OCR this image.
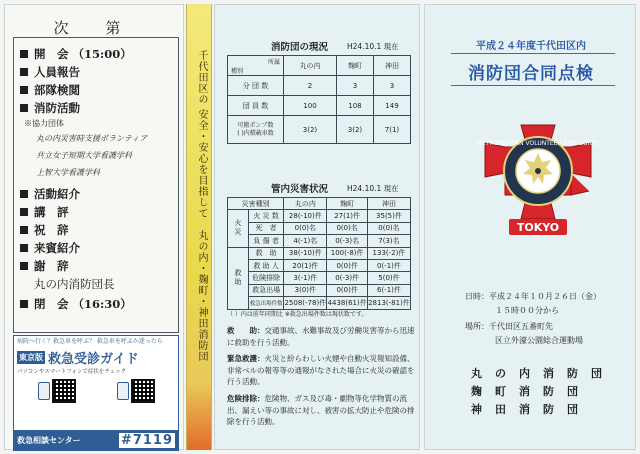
千代田区の 安全・安心を目指して　丸の内・麹町・神田消防団
次 第
開　会 （15:00）
人員報告
部隊検閲
消防活動
※協力団体
丸の内災害時支援ボランティア
共立女子短期大学看護学科
上智大学看護学科
活動紹介
講　評
祝　辞
来賓紹介
謝　辞
丸の内消防団長
閉　会 （16:30）
病院へ行く？救急車を呼ぶ？ 救急車を呼ぶか迷ったら
東京版 救急受診ガイド
パソコンやスマートフォンで症状をチェック
救急相談センター	#7119
消防団の現況	H24.10.1 現在
所属
種別	丸の内	麹町	神田
分 団 数	2	3	3
団 員 数	100	108	149
可搬ポンプ数
( )内積載車数	3(2)	3(2)	7(1)
管内災害状況	H24.10.1 現在
災害種別		丸の内	麹町	神田
火災	火 災 数	28(-10)件	27(1)件	35(5)件
	死　者	0(0)名	0(0)名	0(0)名
	負 傷 者	4(-1)名	0(-3)名	7(3)名
救助	救　助	38(-10)件	100(-8)件	133(-2)件
	救 助 人	20(1)件	0(0)件	0(-1)件
	危険排除	3(-1)件	0(-3)件	5(0)件
	救急出場	3(0)件	0(0)件	6(-1)件
	救急出場件数	2508(-78)件	4438(61)件	2813(-81)件
（ ）内は前年同期比 ※救急出場件数は現状数です。
救　　助：交通事故、水難事故及び労働災害等から迅速に救助を行う活動。
緊急救護：火災と紛らわしい火煙や自動火災報知設備、非常ベルの報等等の通報がなされた場合に火災の確認を行う活動。
危険排除：危険物、ガス及び毒・劇物等化学物質の流出、漏えい等の事故に対し、被害の拡大防止や危険の排除を行う活動。
平成２４年度千代田区内
消防団合同点検
METROPOLITAN VOLUNTEER FIRE CORPS
TOKYO
日時：平成２４年１０月２６日（金）
１５時００分から
場所：千代田区五番町先
区立外濠公園総合運動場
丸の内消防団
麹町消防団
神田消防団
